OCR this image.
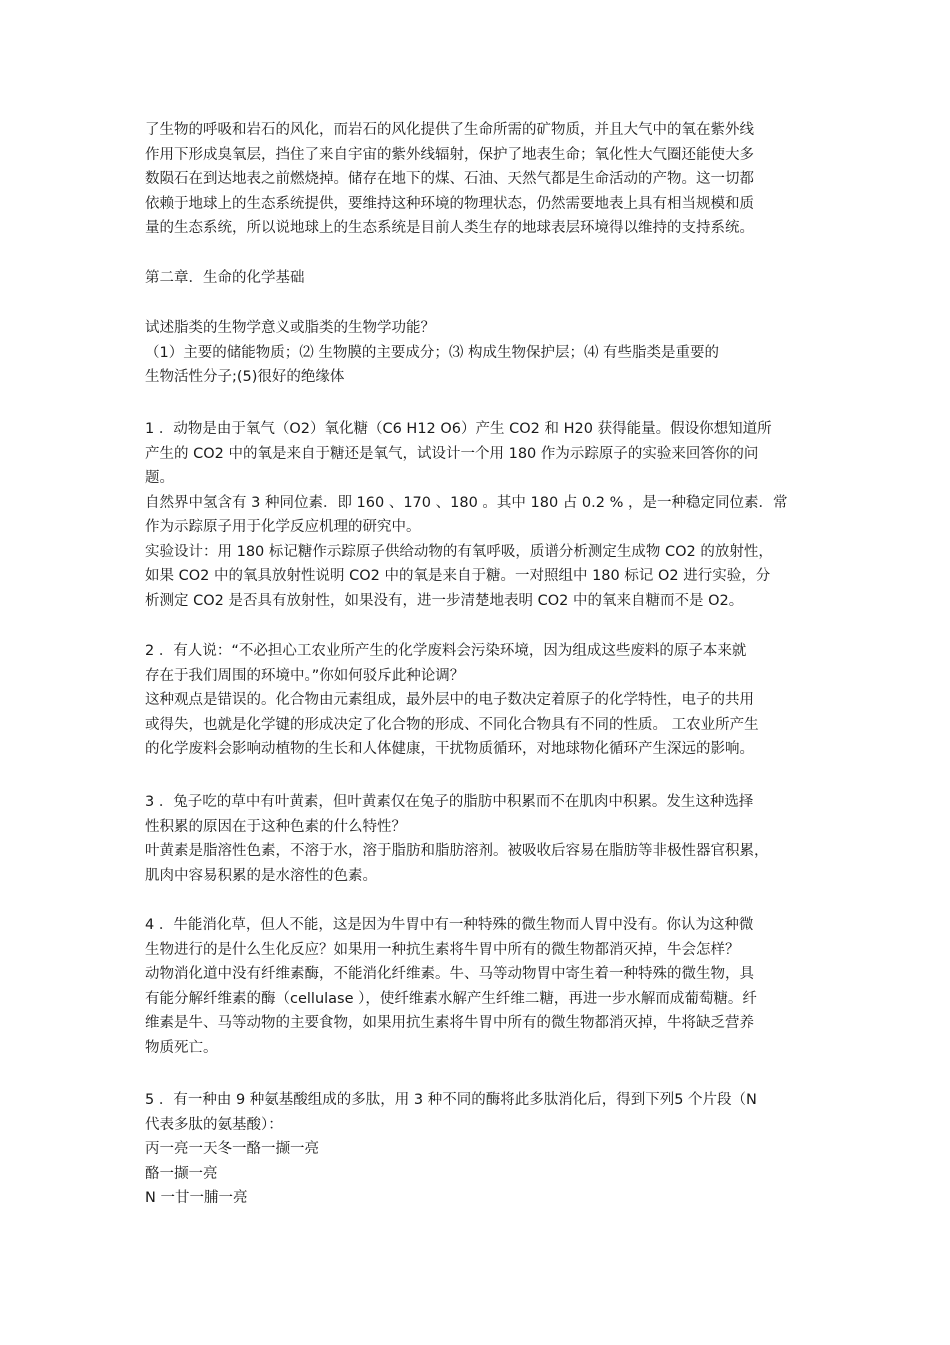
了生物的呼吸和岩石的风化，而岩石的风化提供了生命所需的矿物质，并且大气中的氧在紫外线

作用下形成臭氧层，挡住了来自宇宙的紫外线辐射，保护了地表生命；氧化性大气圈还能使大多

数陨石在到达地表之前燃烧掉。储存在地下的煤、石油、天然气都是生命活动的产物。这一切都

依赖于地球上的生态系统提供，要维持这种环境的物理状态，仍然需要地表上具有相当规模和质

量的生态系统，所以说地球上的生态系统是目前人类生存的地球表层环境得以维持的支持系统。

第二章．生命的化学基础

试述脂类的生物学意义或脂类的生物学功能？

（1）主要的储能物质；⑵ 生物膜的主要成分；⑶ 构成生物保护层；⑷ 有些脂类是重要的

生物活性分子;(5)很好的绝缘体

1 ．动物是由于氧气（O2）氧化糖（C6 H12 O6）产生 CO2 和 H20 获得能量。假设你想知道所

产生的 CO2 中的氧是来自于糖还是氧气，试设计一个用 180 作为示踪原子的实验来回答你的问

题。

自然界中氢含有 3 种同位素．即 160 、170 、180 。其中 180 占 0.2 % ，是一种稳定同位素．常

作为示踪原子用于化学反应机理的研究中。

实验设计：用 180 标记糖作示踪原子供给动物的有氧呼吸，质谱分析测定生成物 CO2 的放射性，

如果 CO2 中的氧具放射性说明 CO2 中的氧是来自于糖。一对照组中 180 标记 O2 进行实验，分

析测定 CO2 是否具有放射性，如果没有，进一步清楚地表明 CO2 中的氧来自糖而不是 O2。

2 ．有人说：“不必担心工农业所产生的化学废料会污染环境，因为组成这些废料的原子本来就

存在于我们周围的环境中。”你如何驳斥此种论调？

这种观点是错误的。化合物由元素组成，最外层中的电子数决定着原子的化学特性，电子的共用

或得失，也就是化学键的形成决定了化合物的形成、不同化合物具有不同的性质。 工农业所产生

的化学废料会影响动植物的生长和人体健康，干扰物质循环，对地球物化循环产生深远的影响。

3 ．兔子吃的草中有叶黄素，但叶黄素仅在兔子的脂肪中积累而不在肌肉中积累。发生这种选择

性积累的原因在于这种色素的什么特性？

叶黄素是脂溶性色素，不溶于水，溶于脂肪和脂肪溶剂。被吸收后容易在脂肪等非极性器官积累，

肌肉中容易积累的是水溶性的色素。

4 ．牛能消化草，但人不能，这是因为牛胃中有一种特殊的微生物而人胃中没有。你认为这种微

生物进行的是什么生化反应？如果用一种抗生素将牛胃中所有的微生物都消灭掉，牛会怎样？

动物消化道中没有纤维素酶，不能消化纤维素。牛、马等动物胃中寄生着一种特殊的微生物，具

有能分解纤维素的酶（cellulase ），使纤维素水解产生纤维二糖，再进一步水解而成葡萄糖。纤

维素是牛、马等动物的主要食物，如果用抗生素将牛胃中所有的微生物都消灭掉，牛将缺乏营养

物质死亡。

5 ．有一种由 9 种氨基酸组成的多肽，用 3 种不同的酶将此多肽消化后，得到下列5 个片段（N

代表多肽的氨基酸）：

丙一亮一天冬一酪一撷一亮

酪一撷一亮

N 一甘一脯一亮
